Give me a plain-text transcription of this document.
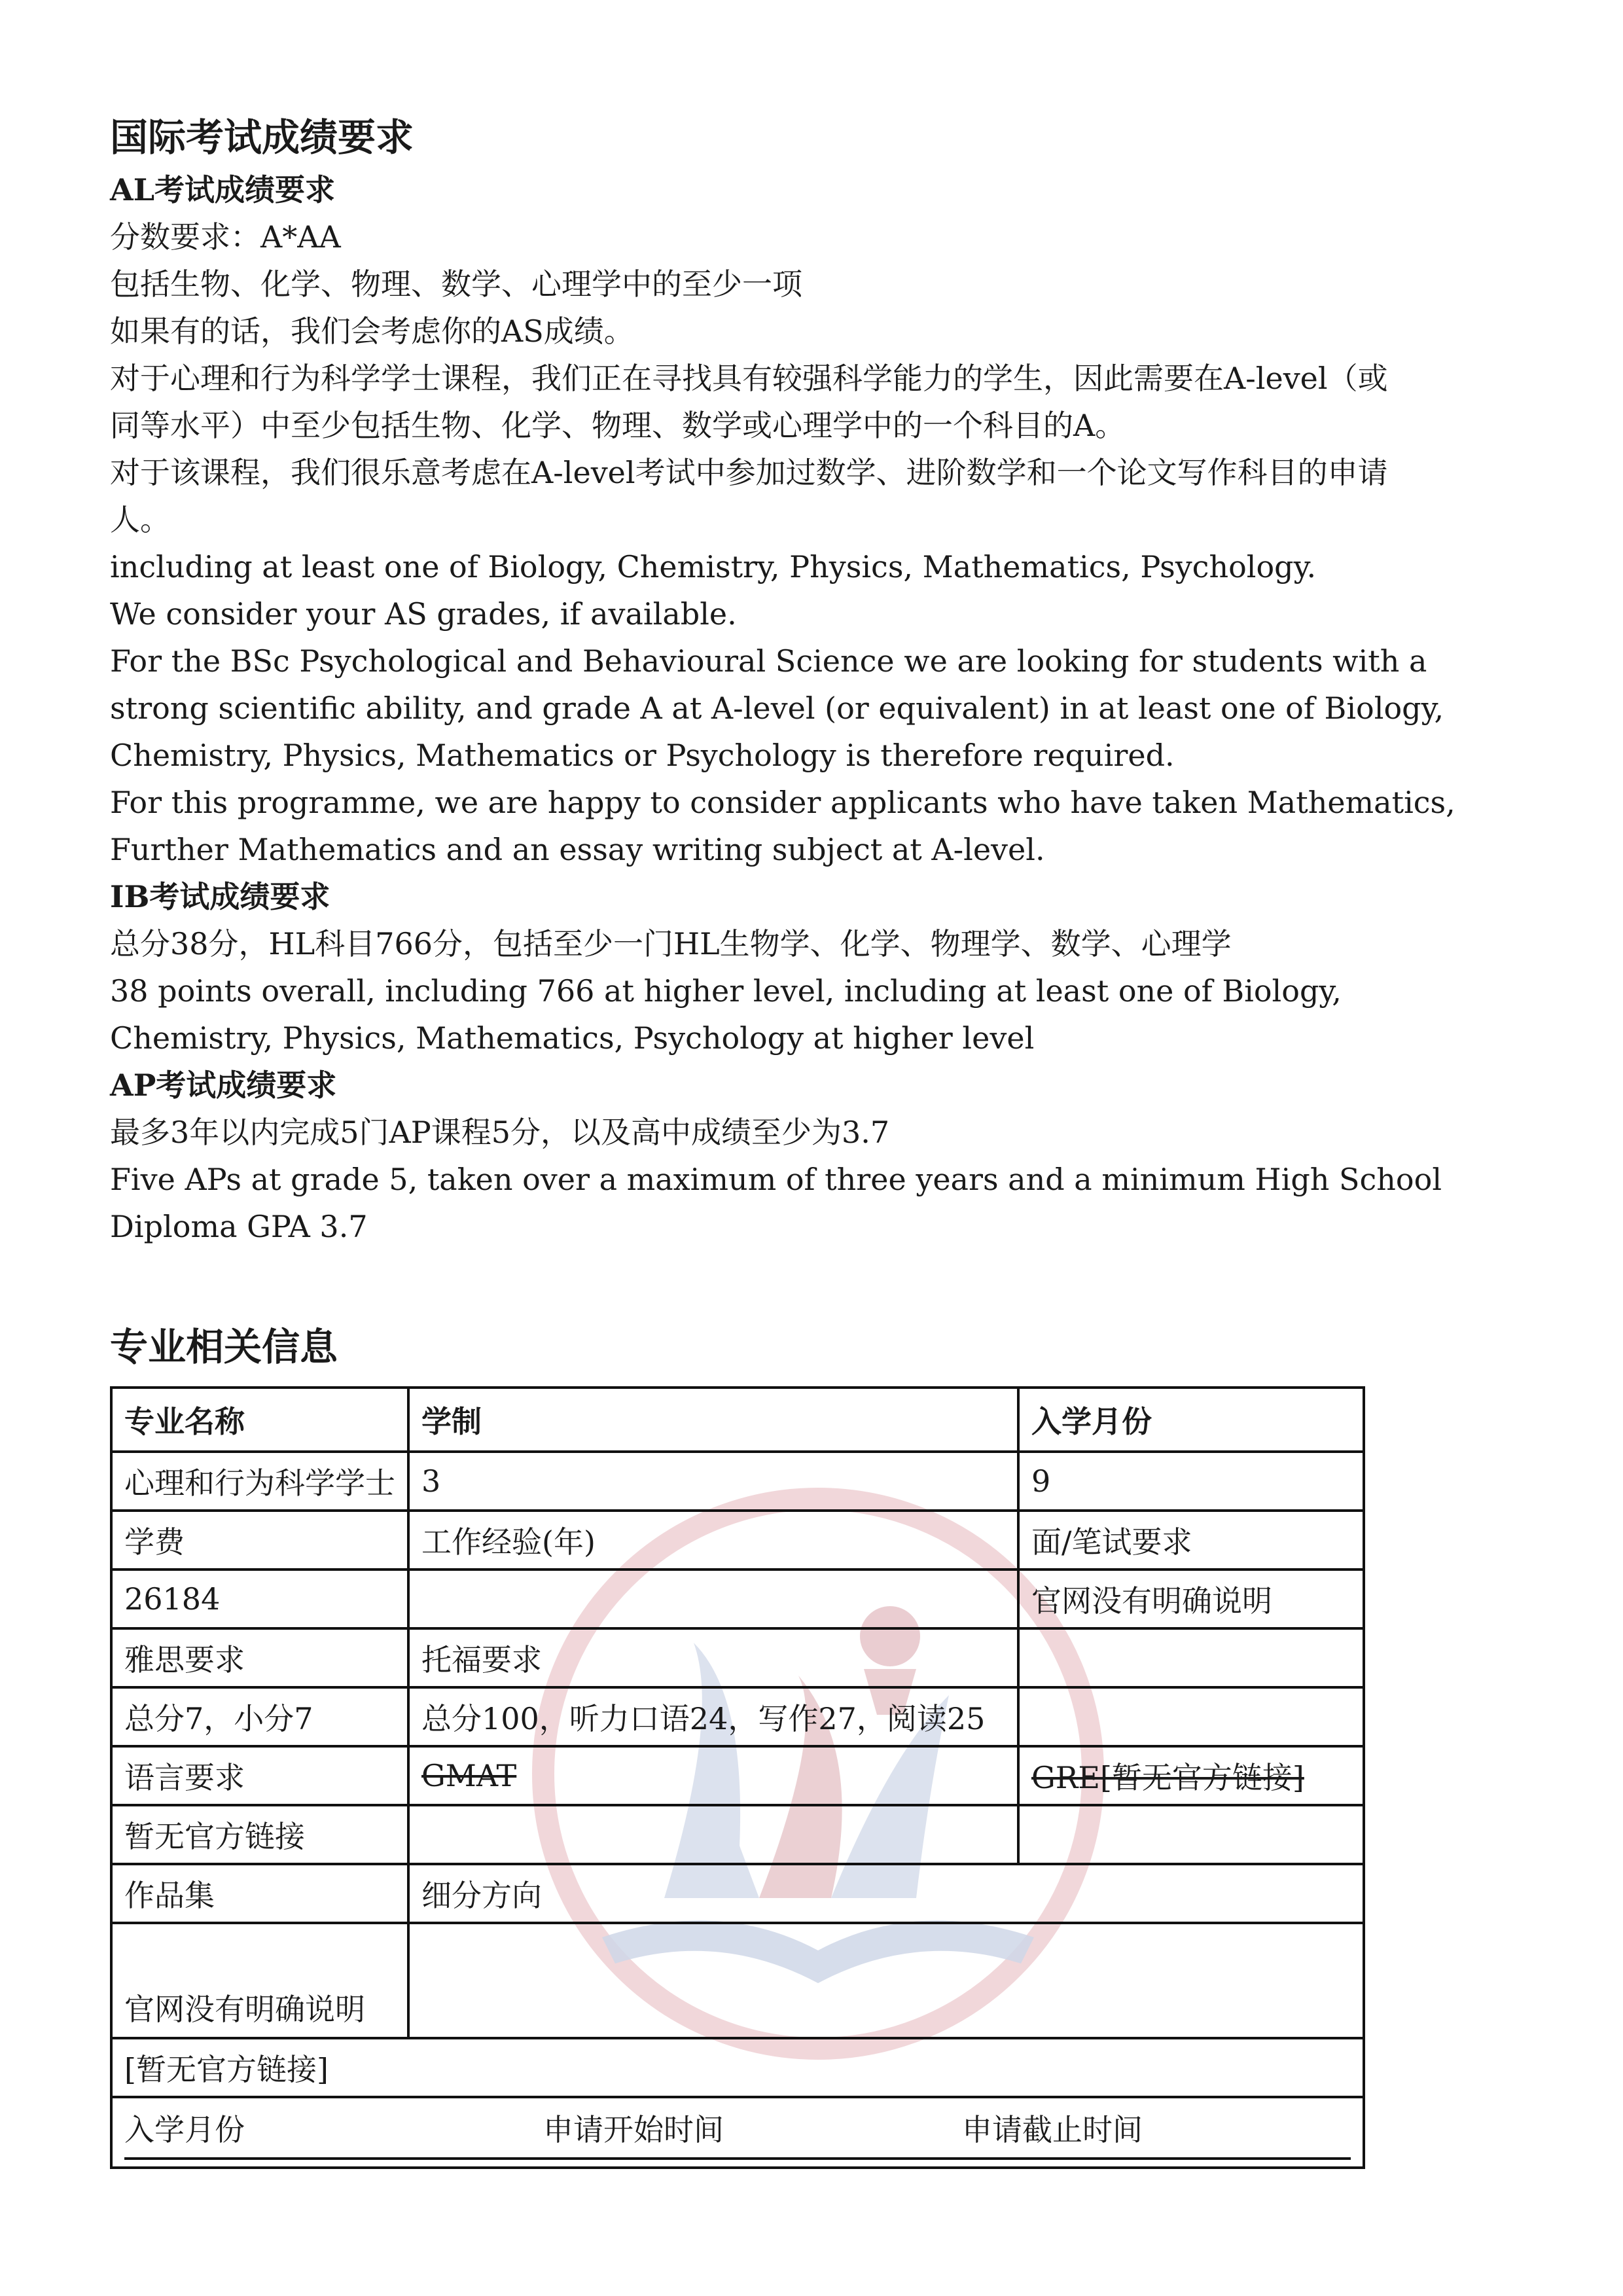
国际考试成绩要求
AL考试成绩要求
分数要求：A*AA
包括生物、化学、物理、数学、心理学中的至少一项
如果有的话，我们会考虑你的AS成绩。
对于心理和行为科学学士课程，我们正在寻找具有较强科学能力的学生，因此需要在A-level（或
同等水平）中至少包括生物、化学、物理、数学或心理学中的一个科目的A。
对于该课程，我们很乐意考虑在A-level考试中参加过数学、进阶数学和一个论文写作科目的申请
人。
including at least one of Biology, Chemistry, Physics, Mathematics, Psychology.
We consider your AS grades, if available.
For the BSc Psychological and Behavioural Science we are looking for students with a
strong scientific ability, and grade A at A-level (or equivalent) in at least one of Biology,
Chemistry, Physics, Mathematics or Psychology is therefore required.
For this programme, we are happy to consider applicants who have taken Mathematics,
Further Mathematics and an essay writing subject at A-level.
IB考试成绩要求
总分38分，HL科目766分，包括至少一门HL生物学、化学、物理学、数学、心理学
38 points overall, including 766 at higher level, including at least one of Biology,
Chemistry, Physics, Mathematics, Psychology at higher level
AP考试成绩要求
最多3年以内完成5门AP课程5分，以及高中成绩至少为3.7
Five APs at grade 5, taken over a maximum of three years and a minimum High School
Diploma GPA 3.7
专业相关信息
专业名称	学制	入学月份
心理和行为科学学士	3	9
学费	工作经验(年)	面/笔试要求
26184		官网没有明确说明
雅思要求	托福要求	
总分7，小分7	总分100，听力口语24，写作27，阅读25	
语言要求	GMAT	GRE[暂无官方链接]
暂无官方链接		
作品集	细分方向	
官网没有明确说明		
[暂无官方链接]		

入学月份 申请开始时间 申请截止时间		
